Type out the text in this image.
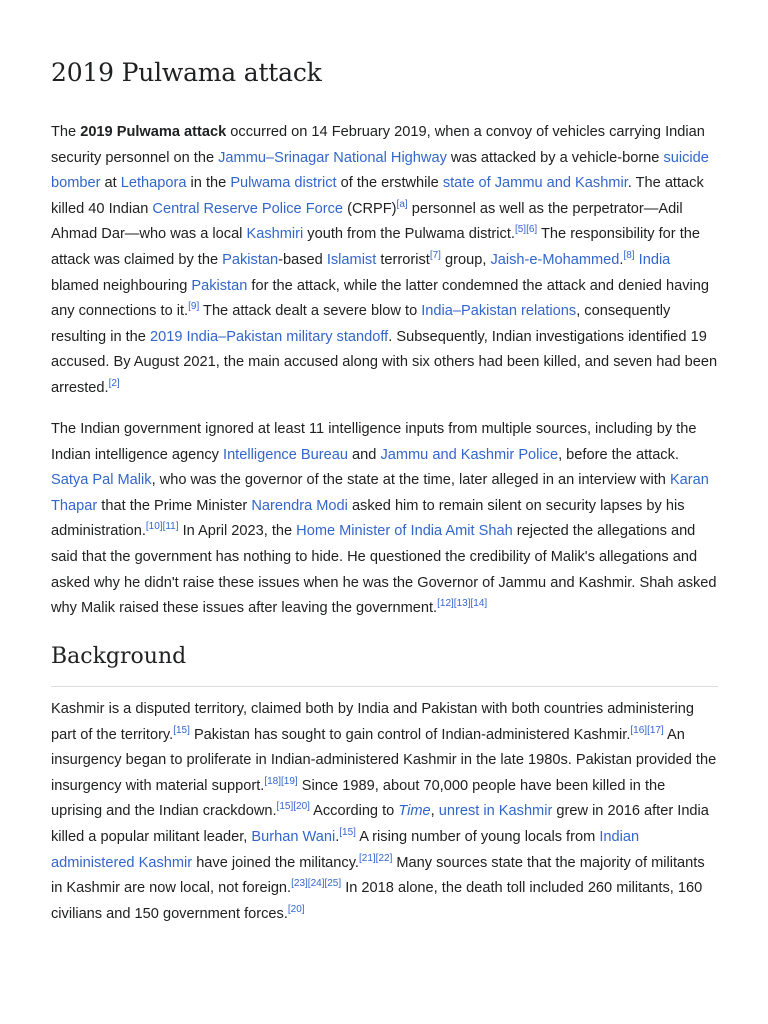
2019 Pulwama attack

The 2019 Pulwama attack occurred on 14 February 2019, when a convoy of vehicles carrying Indian security personnel on the Jammu–Srinagar National Highway was attacked by a vehicle-borne suicide bomber at Lethapora in the Pulwama district of the erstwhile state of Jammu and Kashmir. The attack killed 40 Indian Central Reserve Police Force (CRPF)[a] personnel as well as the perpetrator—Adil Ahmad Dar—who was a local Kashmiri youth from the Pulwama district.[5][6] The responsibility for the attack was claimed by the Pakistan-based Islamist terrorist[7] group, Jaish-e-Mohammed.[8] India blamed neighbouring Pakistan for the attack, while the latter condemned the attack and denied having any connections to it.[9] The attack dealt a severe blow to India–Pakistan relations, consequently resulting in the 2019 India–Pakistan military standoff. Subsequently, Indian investigations identified 19 accused. By August 2021, the main accused along with six others had been killed, and seven had been arrested.[2]

The Indian government ignored at least 11 intelligence inputs from multiple sources, including by the Indian intelligence agency Intelligence Bureau and Jammu and Kashmir Police, before the attack. Satya Pal Malik, who was the governor of the state at the time, later alleged in an interview with Karan Thapar that the Prime Minister Narendra Modi asked him to remain silent on security lapses by his administration.[10][11] In April 2023, the Home Minister of India Amit Shah rejected the allegations and said that the government has nothing to hide. He questioned the credibility of Malik's allegations and asked why he didn't raise these issues when he was the Governor of Jammu and Kashmir. Shah asked why Malik raised these issues after leaving the government.[12][13][14]

Background

Kashmir is a disputed territory, claimed both by India and Pakistan with both countries administering part of the territory.[15] Pakistan has sought to gain control of Indian-administered Kashmir.[16][17] An insurgency began to proliferate in Indian-administered Kashmir in the late 1980s. Pakistan provided the insurgency with material support.[18][19] Since 1989, about 70,000 people have been killed in the uprising and the Indian crackdown.[15][20] According to Time, unrest in Kashmir grew in 2016 after India killed a popular militant leader, Burhan Wani.[15] A rising number of young locals from Indian administered Kashmir have joined the militancy.[21][22] Many sources state that the majority of militants in Kashmir are now local, not foreign.[23][24][25] In 2018 alone, the death toll included 260 militants, 160 civilians and 150 government forces.[20]
